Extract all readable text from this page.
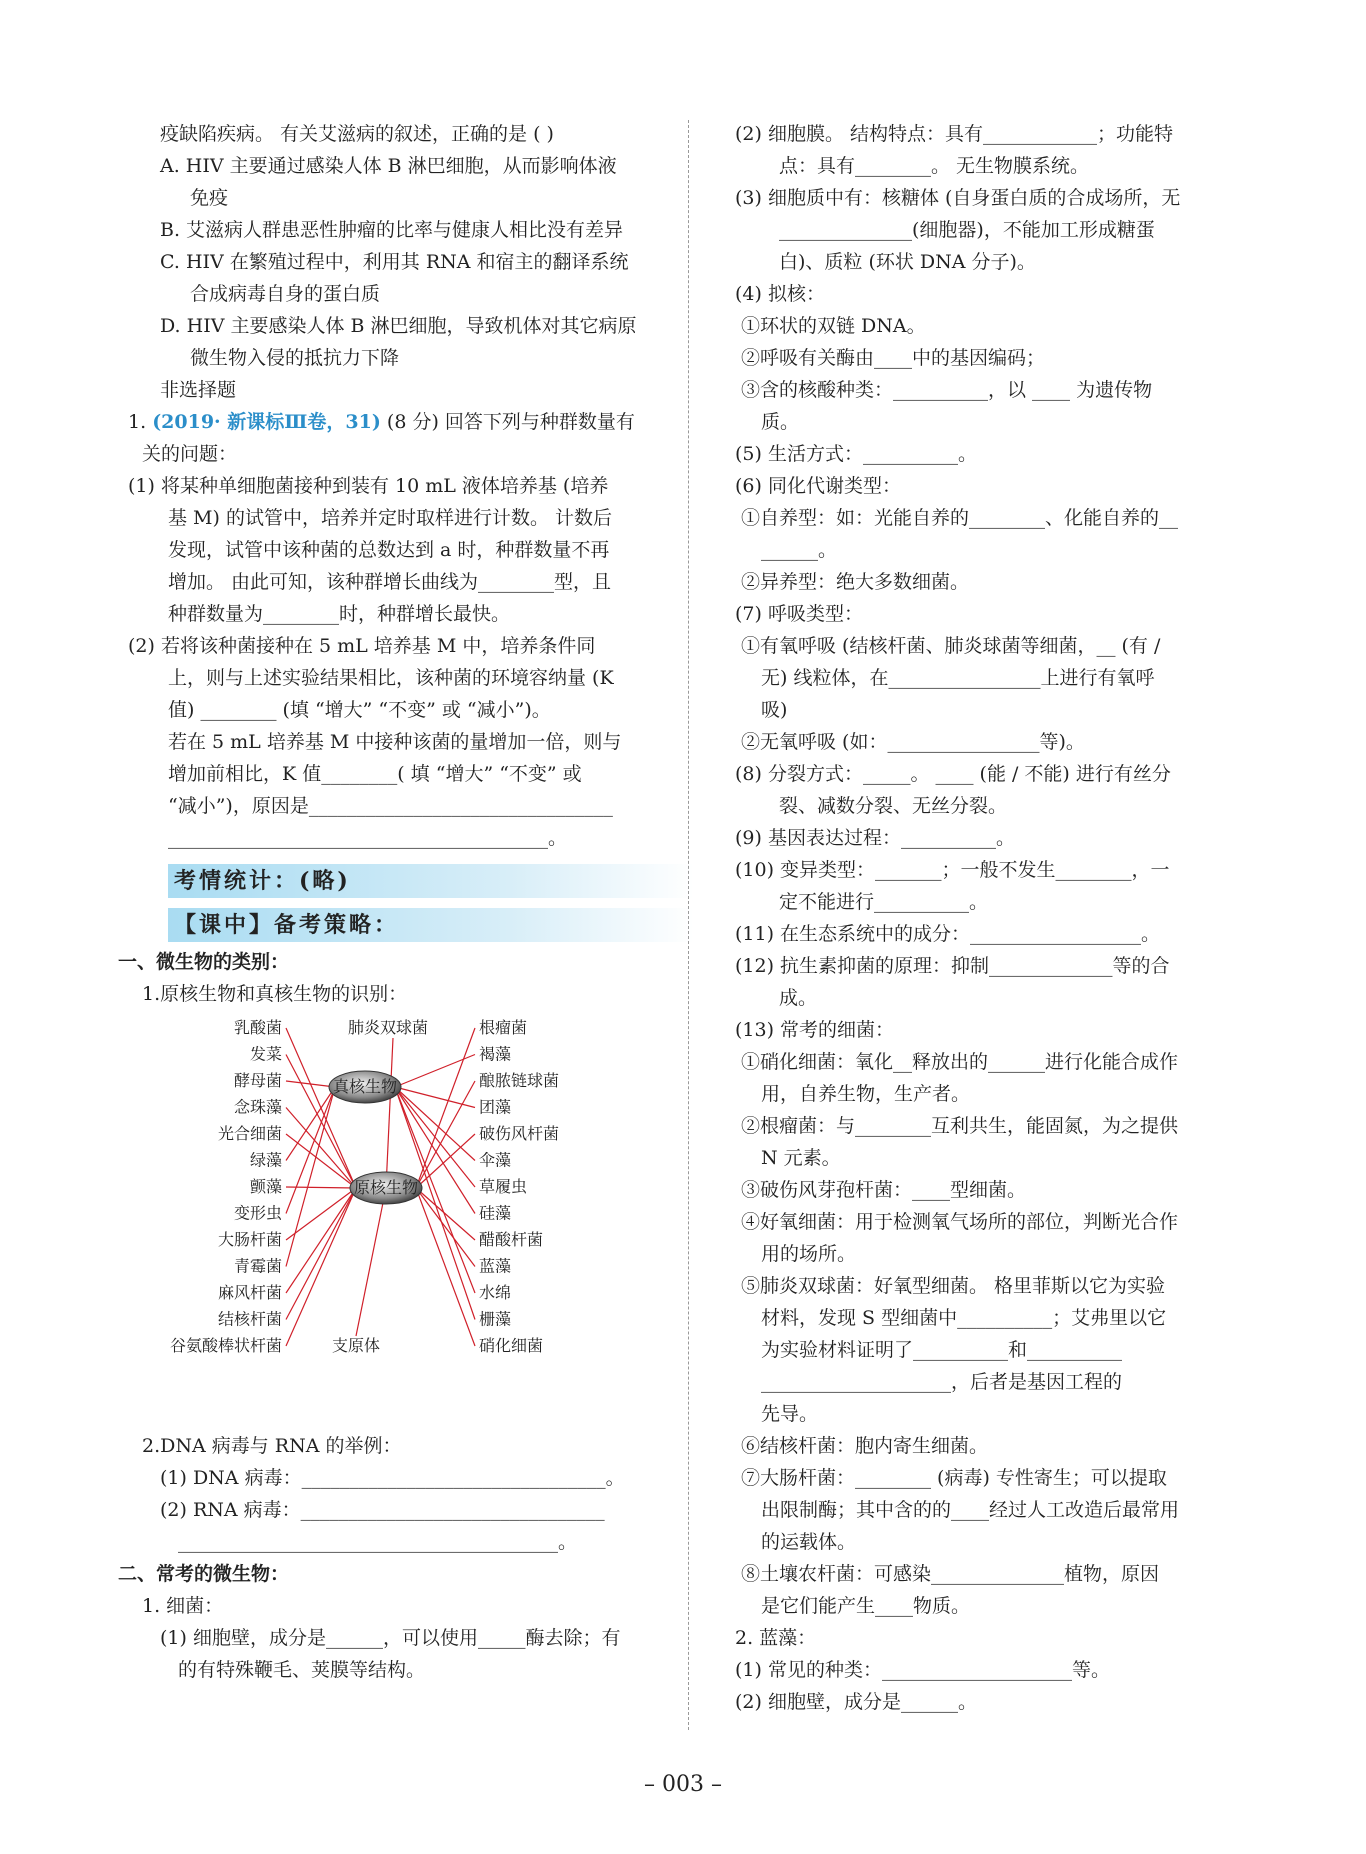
疫缺陷疾病。 有关艾滋病的叙述，正确的是 ( )
A. HIV 主要通过感染人体 B 淋巴细胞，从而影响体液
免疫
B. 艾滋病人群患恶性肿瘤的比率与健康人相比没有差异
C. HIV 在繁殖过程中，利用其 RNA 和宿主的翻译系统
合成病毒自身的蛋白质
D. HIV 主要感染人体 B 淋巴细胞，导致机体对其它病原
微生物入侵的抵抗力下降
非选择题
1. (2019· 新课标Ⅲ卷，31) (8 分) 回答下列与种群数量有
关的问题：
(1) 将某种单细胞菌接种到装有 10 mL 液体培养基 (培养
基 M) 的试管中，培养并定时取样进行计数。 计数后
发现，试管中该种菌的总数达到 a 时，种群数量不再
增加。 由此可知，该种群增长曲线为________型，且
种群数量为________时，种群增长最快。
(2) 若将该种菌接种在 5 mL 培养基 M 中，培养条件同
上，则与上述实验结果相比，该种菌的环境容纳量 (K
值) ________ (填 “增大” “不变” 或 “减小”)。
若在 5 mL 培养基 M 中接种该菌的量增加一倍，则与
增加前相比，K 值________( 填 “增大” “不变” 或
“减小”)，原因是________________________________
________________________________________。
考情统计：(略)
【课中】备考策略：
一、微生物的类别：
1.原核生物和真核生物的识别：
乳酸菌
发菜
酵母菌
念珠藻
光合细菌
绿藻
颤藻
变形虫
大肠杆菌
青霉菌
麻风杆菌
结核杆菌
谷氨酸棒状杆菌
根瘤菌
褐藻
酿脓链球菌
团藻
破伤风杆菌
伞藻
草履虫
硅藻
醋酸杆菌
蓝藻
水绵
栅藻
硝化细菌
肺炎双球菌
支原体
真核生物
原核生物
2.DNA 病毒与 RNA 的举例：
(1) DNA 病毒：________________________________。
(2) RNA 病毒：________________________________
________________________________________。
二、常考的微生物：
1. 细菌：
(1) 细胞壁，成分是______，可以使用_____酶去除；有
的有特殊鞭毛、荚膜等结构。
(2) 细胞膜。 结构特点：具有____________；功能特
点：具有________。 无生物膜系统。
(3) 细胞质中有：核糖体 (自身蛋白质的合成场所，无
______________(细胞器)，不能加工形成糖蛋
白)、质粒 (环状 DNA 分子)。
(4) 拟核：
①环状的双链 DNA。
②呼吸有关酶由____中的基因编码；
③含的核酸种类：__________，以 ____ 为遗传物
质。
(5) 生活方式：__________。
(6) 同化代谢类型：
①自养型：如：光能自养的________、化能自养的__
______。
②异养型：绝大多数细菌。
(7) 呼吸类型：
①有氧呼吸 (结核杆菌、肺炎球菌等细菌，__ (有 /
无) 线粒体，在________________上进行有氧呼
吸)
②无氧呼吸 (如：________________等)。
(8) 分裂方式：_____。 ____ (能 / 不能) 进行有丝分
裂、减数分裂、无丝分裂。
(9) 基因表达过程：__________。
(10) 变异类型：_______；一般不发生________，一
定不能进行__________。
(11) 在生态系统中的成分：__________________。
(12) 抗生素抑菌的原理：抑制_____________等的合
成。
(13) 常考的细菌：
①硝化细菌：氧化__释放出的______进行化能合成作
用，自养生物，生产者。
②根瘤菌：与________互利共生，能固氮，为之提供
N 元素。
③破伤风芽孢杆菌：____型细菌。
④好氧细菌：用于检测氧气场所的部位，判断光合作
用的场所。
⑤肺炎双球菌：好氧型细菌。 格里菲斯以它为实验
材料，发现 S 型细菌中__________；艾弗里以它
为实验材料证明了__________和__________
____________________，后者是基因工程的
先导。
⑥结核杆菌：胞内寄生细菌。
⑦大肠杆菌：________ (病毒) 专性寄生；可以提取
出限制酶；其中含的的____经过人工改造后最常用
的运载体。
⑧土壤农杆菌：可感染______________植物，原因
是它们能产生____物质。
2. 蓝藻：
(1) 常见的种类：____________________等。
(2) 细胞壁，成分是______。
– 003 –
